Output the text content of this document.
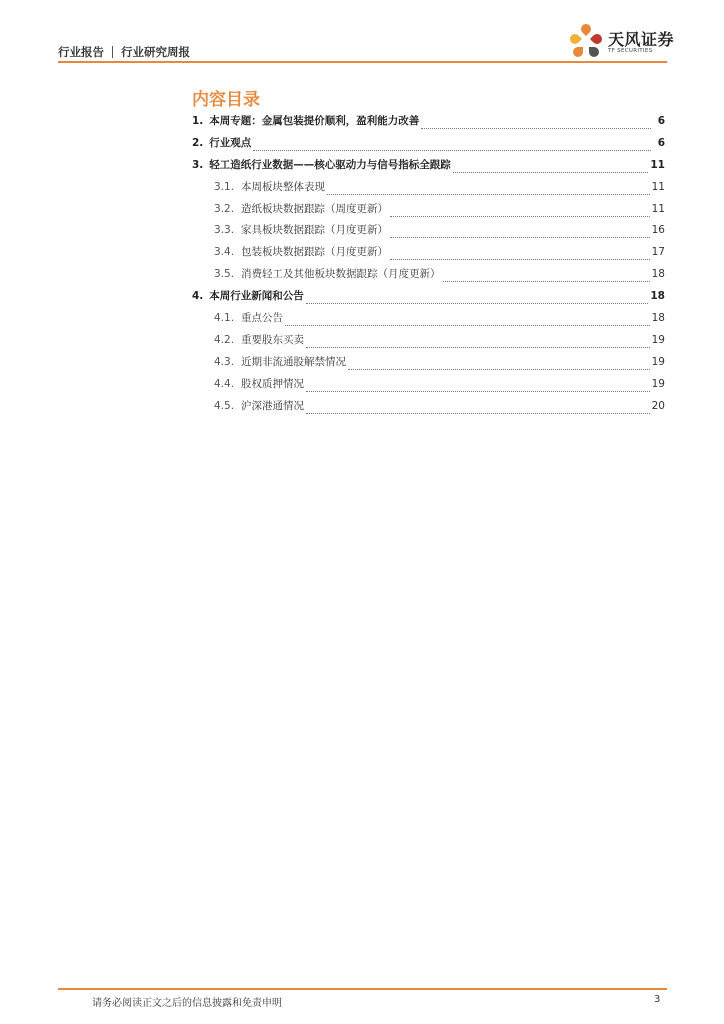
行业报告 行业研究周报
天风证券
TF SECURITIES
内容目录
1. 本周专题：金属包装提价顺利，盈利能力改善	6
2. 行业观点	6
3. 轻工造纸行业数据——核心驱动力与信号指标全跟踪	11
3.1. 本周板块整体表现	11
3.2. 造纸板块数据跟踪（周度更新）	11
3.3. 家具板块数据跟踪（月度更新）	16
3.4. 包装板块数据跟踪（月度更新）	17
3.5. 消费轻工及其他板块数据跟踪（月度更新）	18
4. 本周行业新闻和公告	18
4.1. 重点公告	18
4.2. 重要股东买卖	19
4.3. 近期非流通股解禁情况	19
4.4. 股权质押情况	19
4.5. 沪深港通情况	20
请务必阅读正文之后的信息披露和免责申明	3
